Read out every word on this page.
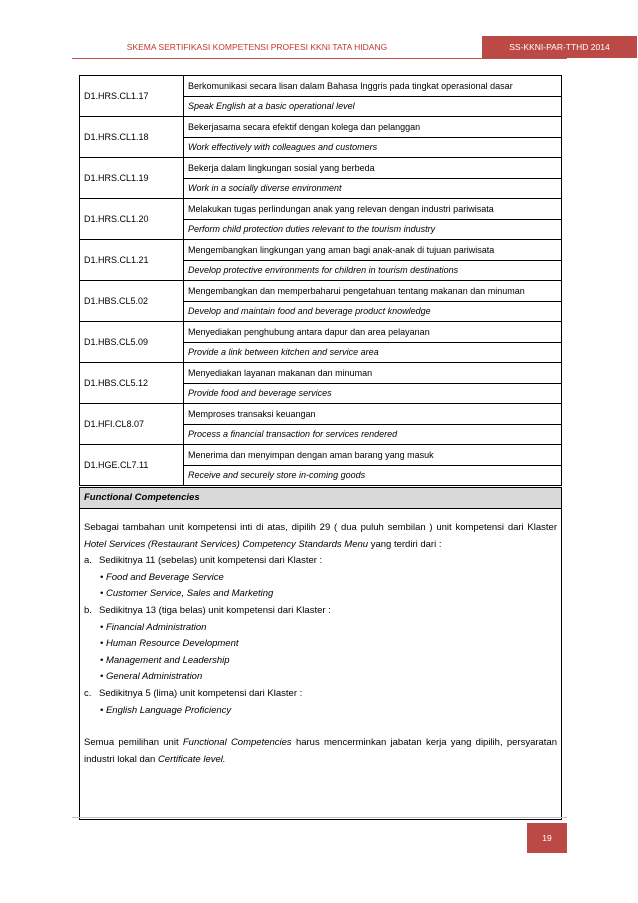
SKEMA SERTIFIKASI KOMPETENSI PROFESI KKNI TATA HIDANG	SS-KKNI-PAR-TTHD 2014
D1.HRS.CL1.17	Berkomunikasi secara lisan dalam Bahasa Inggris pada tingkat operasional dasar
	Speak English at a basic operational level
D1.HRS.CL1.18	Bekerjasama secara efektif dengan kolega dan pelanggan
	Work effectively with colleagues and customers
D1.HRS.CL1.19	Bekerja dalam lingkungan sosial yang berbeda
	Work in a socially diverse environment
D1.HRS.CL1.20	Melakukan tugas perlindungan anak yang relevan dengan industri pariwisata
	Perform child protection duties relevant to the tourism industry
D1.HRS.CL1.21	Mengembangkan lingkungan yang aman bagi anak-anak di tujuan pariwisata
	Develop protective environments for children in tourism destinations
D1.HBS.CL5.02	Mengembangkan dan memperbaharui pengetahuan tentang makanan dan minuman
	Develop and maintain food and beverage product knowledge
D1.HBS.CL5.09	Menyediakan penghubung antara dapur dan area pelayanan
	Provide a link between kitchen and service area
D1.HBS.CL5.12	Menyediakan layanan makanan dan minuman
	Provide food and beverage services
D1.HFI.CL8.07	Memproses transaksi keuangan
	Process a financial transaction for services rendered
D1.HGE.CL7.11	Menerima dan menyimpan dengan aman barang yang masuk
	Receive and securely store in-coming goods
Functional Competencies

Sebagai tambahan unit kompetensi inti di atas, dipilih 29 ( dua puluh sembilan ) unit kompetensi dari Klaster Hotel Services (Restaurant Services) Competency Standards Menu yang terdiri dari :

a. Sedikitnya 11 (sebelas) unit kompetensi dari Klaster :
• Food and Beverage Service
• Customer Service, Sales and Marketing
b. Sedikitnya 13 (tiga belas) unit kompetensi dari Klaster :
• Financial Administration
• Human Resource Development
• Management and Leadership
• General Administration
c. Sedikitnya 5 (lima) unit kompetensi dari Klaster :
• English Language Proficiency

Semua pemilihan unit Functional Competencies harus mencerminkan jabatan kerja yang dipilih, persyaratan industri lokal dan Certificate level.

19
